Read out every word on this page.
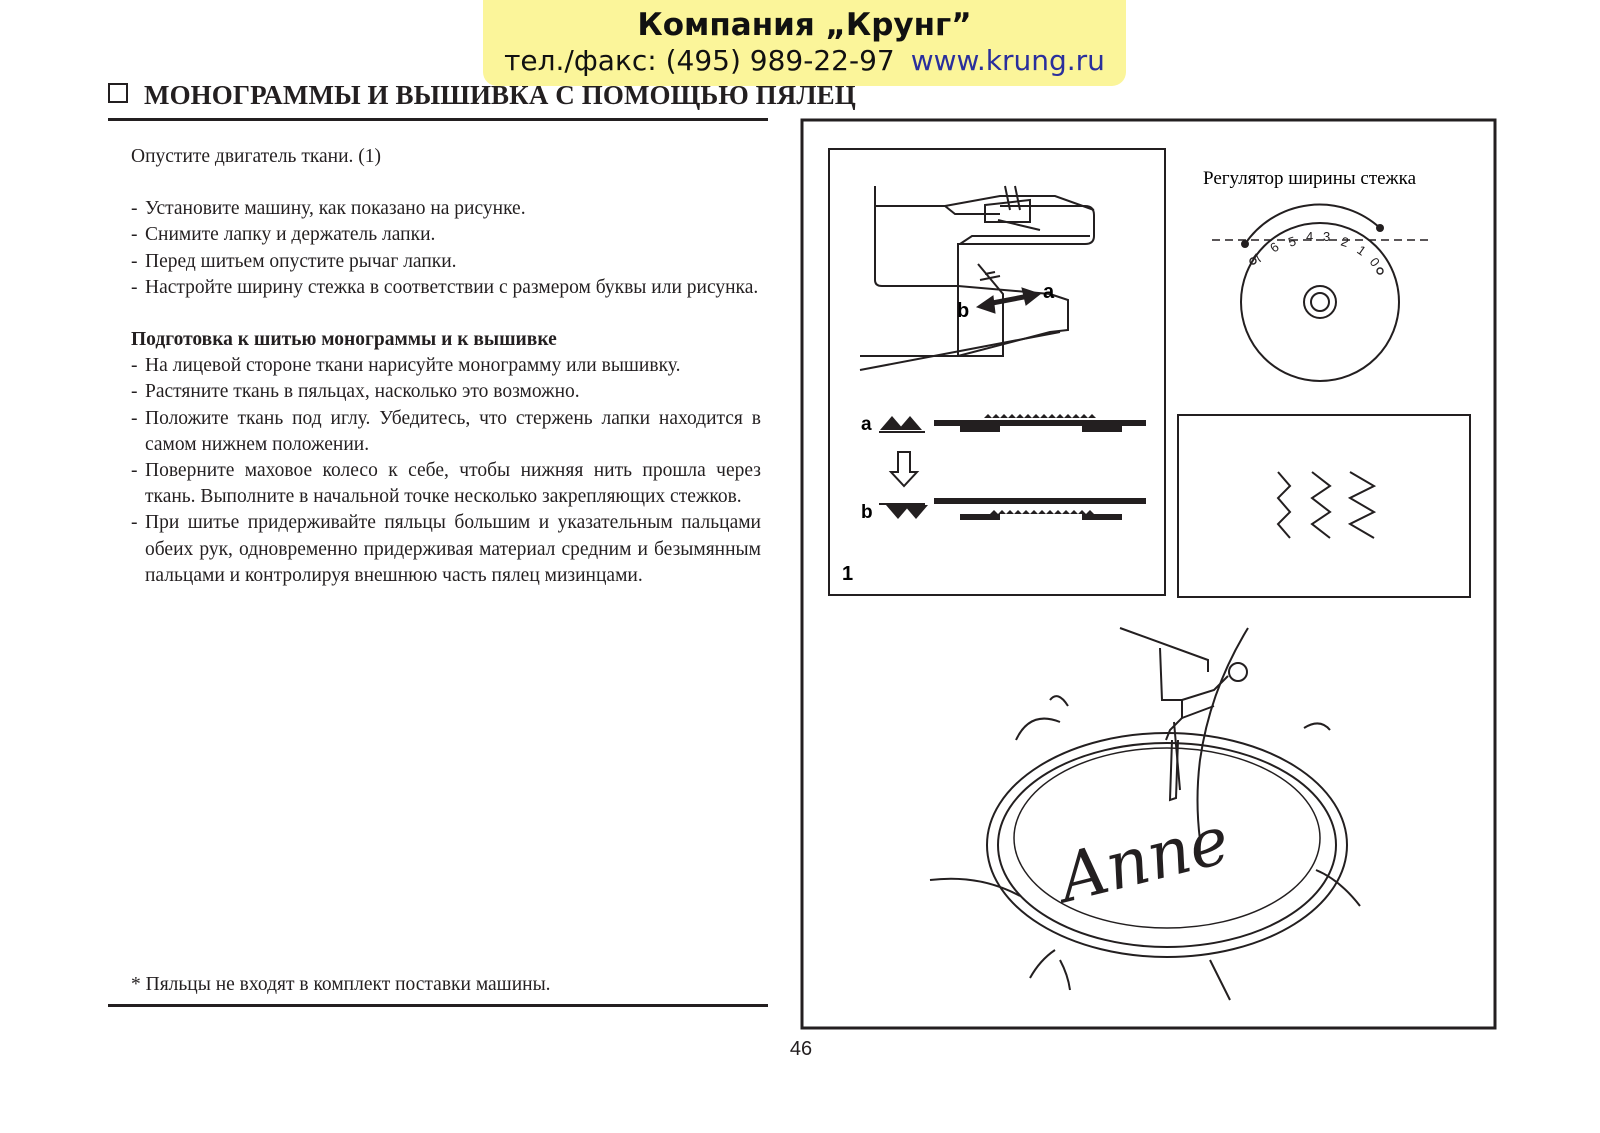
Компания „Крунг”
тел./факс: (495) 989-22-97 www.krung.ru
МОНОГРАММЫ И ВЫШИВКА С ПОМОЩЬЮ ПЯЛЕЦ

Опустите двигатель ткани. (1)

- Установите машину, как показано на рисунке.
- Снимите лапку и держатель лапки.
- Перед шитьем опустите рычаг лапки.
- Настройте ширину стежка в соответствии с размером буквы или рисунка.

Подготовка к шитью монограммы и к вышивке

- На лицевой стороне ткани нарисуйте монограмму или вышивку.
- Растяните ткань в пяльцах, насколько это возможно.
- Положите ткань под иглу. Убедитесь, что стержень лапки находится в самом нижнем положении.
- Поверните маховое колесо к себе, чтобы нижняя нить прошла через ткань. Выполните в начальной точке несколько закрепляющих стежков.
- При шитье придерживайте пяльцы большим и указательным пальцами обеих рук, одновременно придерживая материал средним и безымянным пальцами и контролируя внешнюю часть пялец мизинцами.
* Пяльцы не входят в комплект поставки машины.
46
b
a
a
b
1
Регулятор ширины стежка
7
6 5 4 3 2
1
0
Anne
